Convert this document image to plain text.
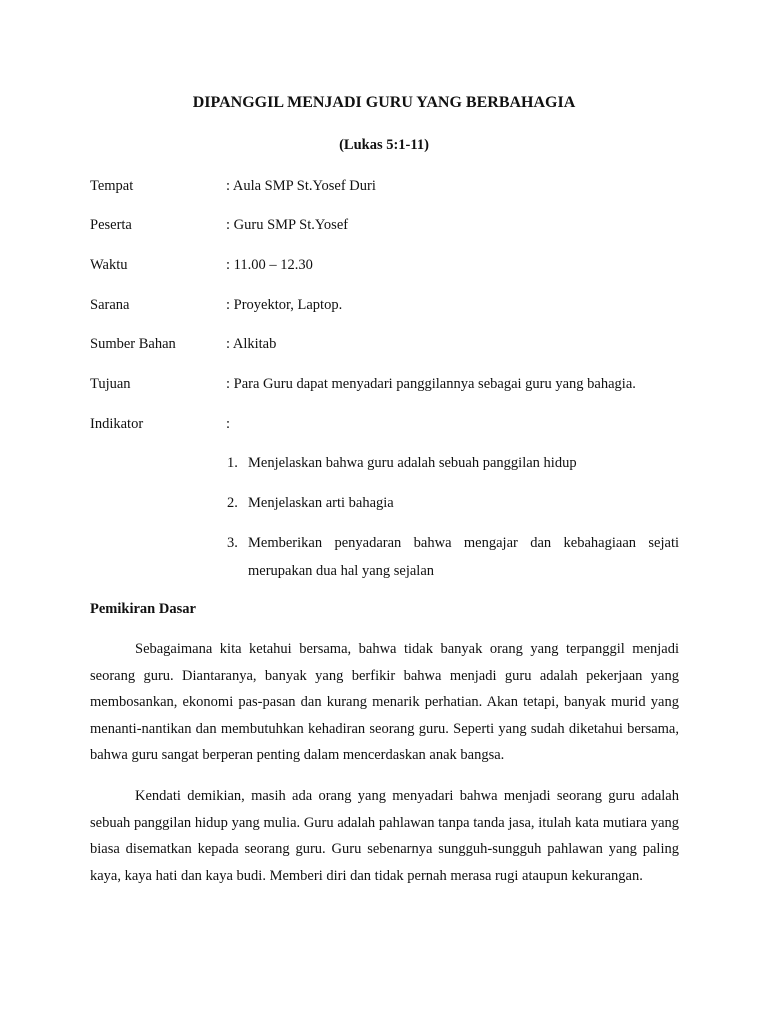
DIPANGGIL MENJADI GURU YANG BERBAHAGIA
(Lukas 5:1-11)
Tempat	: Aula SMP St.Yosef Duri
Peserta	: Guru SMP St.Yosef
Waktu	: 11.00 – 12.30
Sarana	: Proyektor, Laptop.
Sumber Bahan	: Alkitab
Tujuan	: Para Guru dapat menyadari panggilannya sebagai guru yang bahagia.
Indikator	:
1. Menjelaskan bahwa guru adalah sebuah panggilan hidup
2. Menjelaskan arti bahagia
3. Memberikan penyadaran bahwa mengajar dan kebahagiaan sejati merupakan dua hal yang sejalan
Pemikiran Dasar

Sebagaimana kita ketahui bersama, bahwa tidak banyak orang yang terpanggil menjadi seorang guru. Diantaranya, banyak yang berfikir bahwa menjadi guru adalah pekerjaan yang membosankan, ekonomi pas-pasan dan kurang menarik perhatian. Akan tetapi, banyak murid yang menanti-nantikan dan membutuhkan kehadiran seorang guru. Seperti yang sudah diketahui bersama, bahwa guru sangat berperan penting dalam mencerdaskan anak bangsa.

Kendati demikian, masih ada orang yang menyadari bahwa menjadi seorang guru adalah sebuah panggilan hidup yang mulia. Guru adalah pahlawan tanpa tanda jasa, itulah kata mutiara yang biasa disematkan kepada seorang guru. Guru sebenarnya sungguh-sungguh pahlawan yang paling kaya, kaya hati dan kaya budi. Memberi diri dan tidak pernah merasa rugi ataupun kekurangan.
